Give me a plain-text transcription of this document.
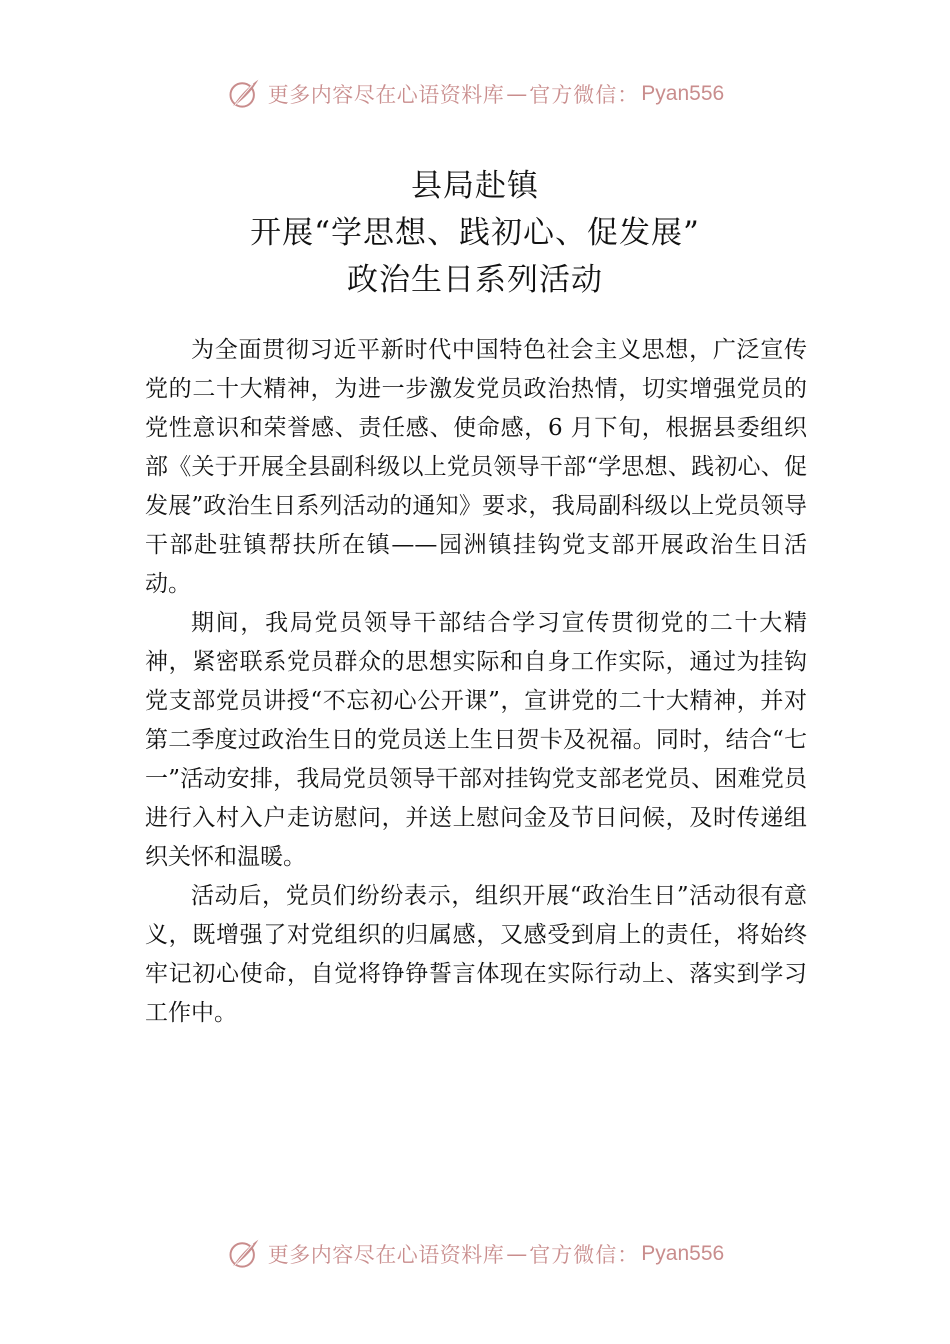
更多内容尽在心语资料库 — 官方微信： Pyan556
县局赴镇
开展“学思想、践初心、促发展”
政治生日系列活动

为全面贯彻习近平新时代中国特色社会主义思想，广泛宣传党的二十大精神，为进一步激发党员政治热情，切实增强党员的党性意识和荣誉感、责任感、使命感，6 月下旬，根据县委组织部《关于开展全县副科级以上党员领导干部“学思想、践初心、促发展”政治生日系列活动的通知》要求，我局副科级以上党员领导干部赴驻镇帮扶所在镇——园洲镇挂钩党支部开展政治生日活动。

期间，我局党员领导干部结合学习宣传贯彻党的二十大精神，紧密联系党员群众的思想实际和自身工作实际，通过为挂钩党支部党员讲授“不忘初心公开课”，宣讲党的二十大精神，并对第二季度过政治生日的党员送上生日贺卡及祝福。同时，结合“七一”活动安排，我局党员领导干部对挂钩党支部老党员、困难党员进行入村入户走访慰问，并送上慰问金及节日问候，及时传递组织关怀和温暖。

活动后，党员们纷纷表示，组织开展“政治生日”活动很有意义，既增强了对党组织的归属感，又感受到肩上的责任，将始终牢记初心使命，自觉将铮铮誓言体现在实际行动上、落实到学习工作中。

更多内容尽在心语资料库 — 官方微信： Pyan556
